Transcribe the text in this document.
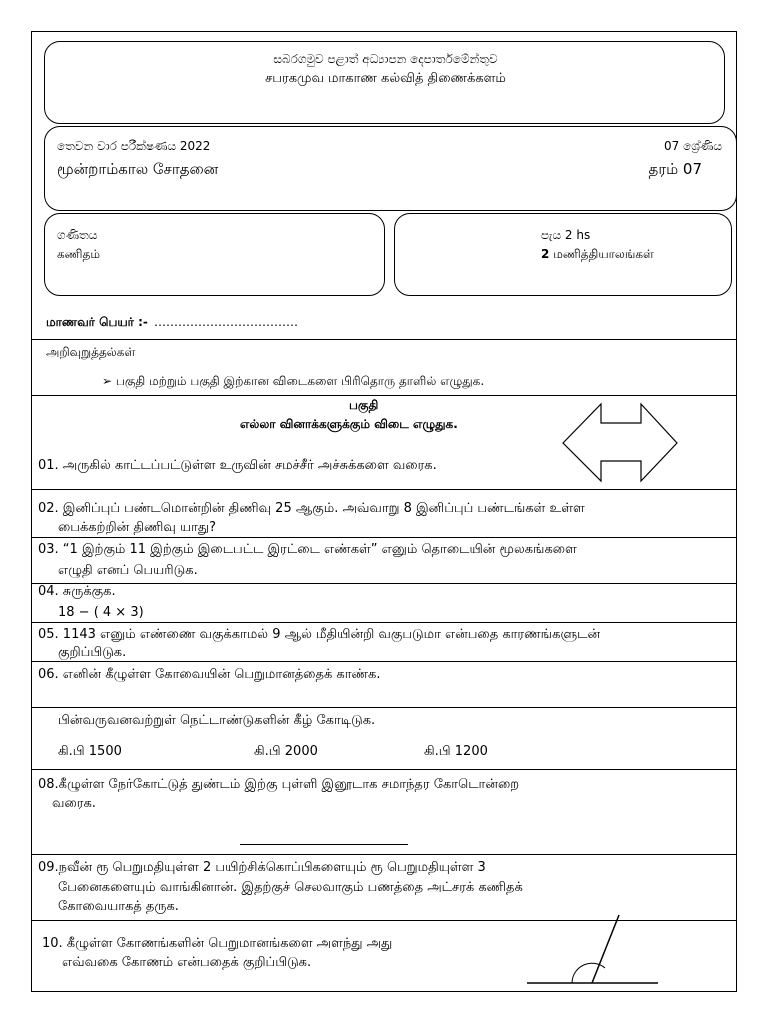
සබරගමුව පළාත් අධ්‍යාපන දෙපාර්තමේන්තුව
சபரகமுவ மாகாண கல்வித் திணைக்களம்
තෙවන වාර පරීක්ෂණය 2022
மூன்றாம்கால சோதனை
07 ශ්‍රේණිය
தரம் 07
ගණිතය
கணிதம்
පැය 2 hs
2 மணித்தியாலங்கள்
மாணவர் பெயர் :- ………………………………
அறிவுறுத்தல்கள்
➢ பகுதி மற்றும் பகுதி இற்கான விடைகளை பிரிதொரு தாளில் எழுதுக.
பகுதி
எல்லா வினாக்களுக்கும் விடை எழுதுக.
01. அருகில் காட்டப்பட்டுள்ள உருவின் சமச்சீர் அச்சுக்களை வரைக.
02. இனிப்புப் பண்டமொன்றின் திணிவு 25 ஆகும். அவ்வாறு 8 இனிப்புப் பண்டங்கள் உள்ள
பைக்கற்றின் திணிவு யாது?
03. “1 இற்கும் 11 இற்கும் இடைபட்ட இரட்டை எண்கள்” எனும் தொடையின் மூலகங்களை
எழுதி எனப் பெயரிடுக.
04. சுருக்குக.
18 − ( 4 × 3)
05. 1143 எனும் எண்ணை வகுக்காமல் 9 ஆல் மீதியின்றி வகுபடுமா என்பதை காரணங்களுடன்
குறிப்பிடுக.
06. எனின் கீழுள்ள கோவையின் பெறுமானத்தைக் காண்க.
பின்வருவனவற்றுள் நெட்டாண்டுகளின் கீழ் கோடிடுக.
கி.பி 1500	கி.பி 2000	கி.பி 1200
08.கீழுள்ள நேர்கோட்டுத் துண்டம் இற்கு புள்ளி இனூடாக சமாந்தர கோடொன்றை
வரைக.
09.நவீன் ரூ பெறுமதியுள்ள 2 பயிற்சிக்கொப்பிகளையும் ரூ பெறுமதியுள்ள 3
பேனைகளையும் வாங்கினான். இதற்குச் செலவாகும் பணத்தை அட்சரக் கணிதக்
கோவையாகத் தருக.
10. கீழுள்ள கோணங்களின் பெறுமானங்களை அளந்து அது
எவ்வகை கோணம் என்பதைக் குறிப்பிடுக.
